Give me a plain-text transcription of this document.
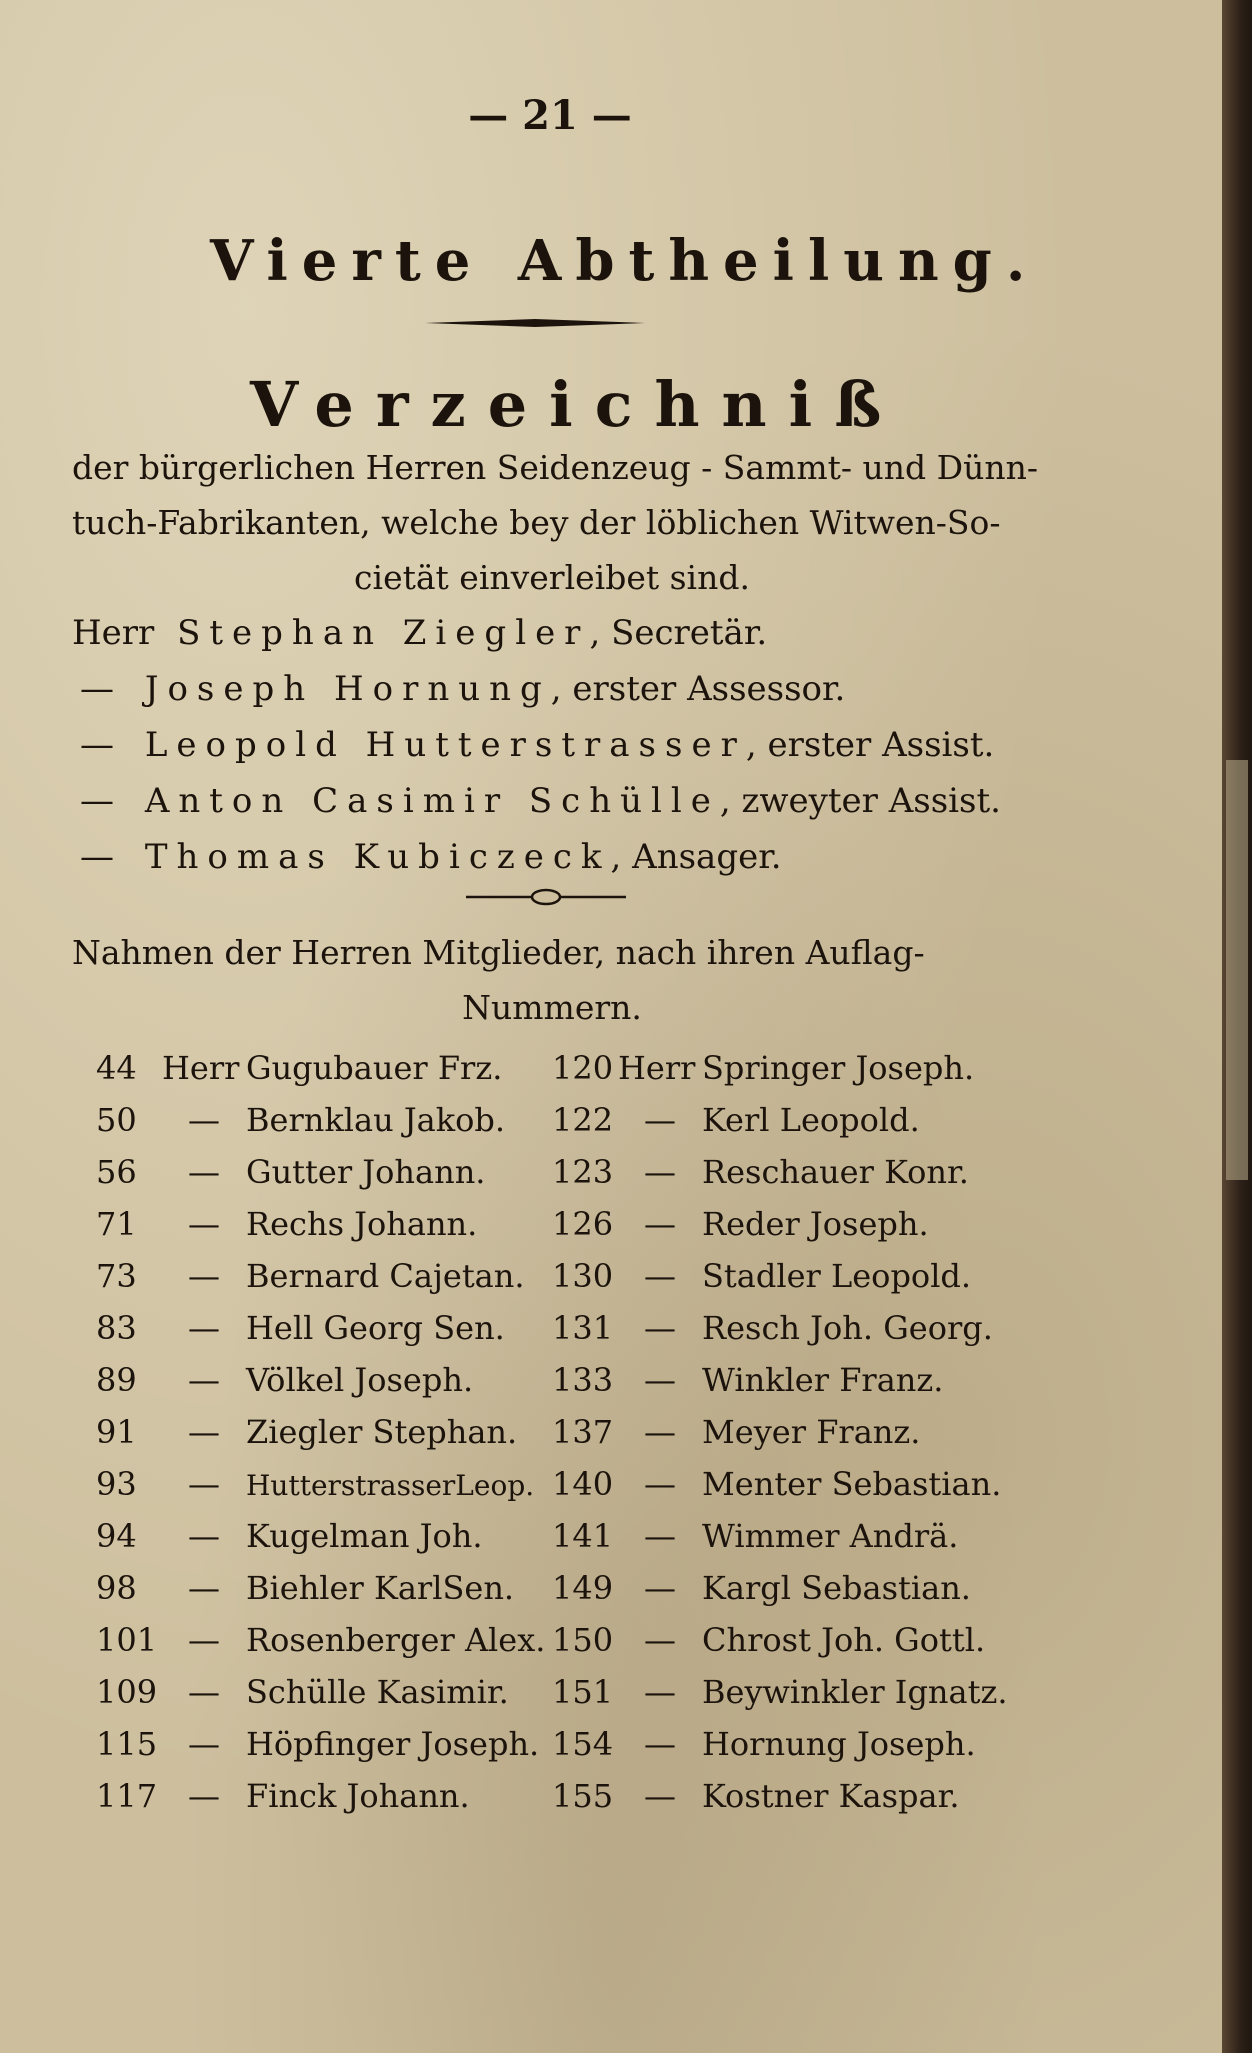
— 21 —
Vierte Abtheilung.
Verzeichniß
der bürgerlichen Herren Seidenzeug - Sammt- und Dünn-
tuch-Fabrikanten, welche bey der löblichen Witwen-So-
cietät einverleibet sind.
Herr Stephan Ziegler, Secretär.
— Joseph Hornung, erster Assessor.
— Leopold Hutterstrasser, erster Assist.
— Anton Casimir Schülle, zweyter Assist.
— Thomas Kubiczeck, Ansager.
Nahmen der Herren Mitglieder, nach ihren Auflag-
Nummern.
44 Herr Gugubauer Frz.
50 — Bernklau Jakob.
56 — Gutter Johann.
71 — Rechs Johann.
73 — Bernard Cajetan.
83 — Hell Georg Sen.
89 — Völkel Joseph.
91 — Ziegler Stephan.
93 — HutterstrasserLeop.
94 — Kugelman Joh.
98 — Biehler KarlSen.
101 — Rosenberger Alex.
109 — Schülle Kasimir.
115 — Höpfinger Joseph.
117 — Finck Johann.
120 Herr Springer Joseph.
122 — Kerl Leopold.
123 — Reschauer Konr.
126 — Reder Joseph.
130 — Stadler Leopold.
131 — Resch Joh. Georg.
133 — Winkler Franz.
137 — Meyer Franz.
140 — Menter Sebastian.
141 — Wimmer Andrä.
149 — Kargl Sebastian.
150 — Chrost Joh. Gottl.
151 — Beywinkler Ignatz.
154 — Hornung Joseph.
155 — Kostner Kaspar.
